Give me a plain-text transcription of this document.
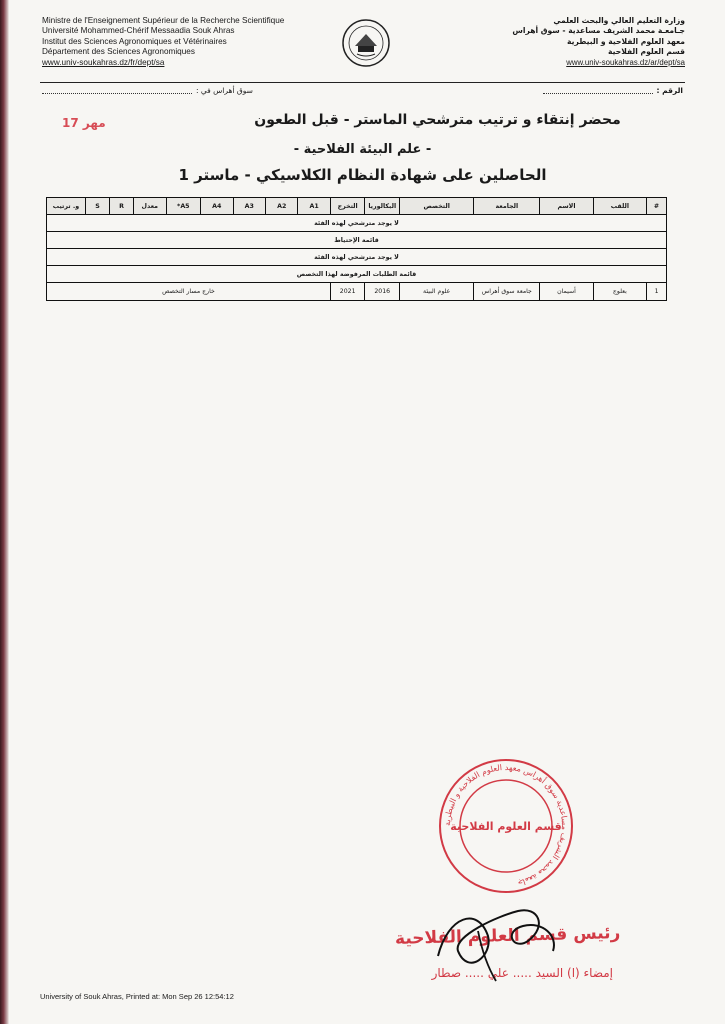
Ministre de l'Enseignement Supérieur de la Recherche Scientifique
Université Mohammed-Chérif Messaadia Souk Ahras
Institut des Sciences Agronomiques et Vétérinaires
Département des Sciences Agronomiques
www.univ-soukahras.dz/fr/dept/sa
وزارة التعليم العالي والبحث العلمي
جـامعـة محمد الشريف مساعدية - سوق أهراس
معهد العلوم الفلاحية و البيطرية
قسم العلوم الفلاحية
www.univ-soukahras.dz/ar/dept/sa
سوق أهراس في :	الرقم :
17 مهر	محضر إنتقاء و ترتيب مترشحي الماستر - قبل الطعون
- علم البيئة الفلاحية -
الحاصلين على شهادة النظام الكلاسيكي - ماستر 1
#	اللقب	الاسم	الجامعة	التخصص	البكالوريا	التخرج	A1	A2	A3	A4	A5*	معدل	R	S	و. ترتيب
لا يوجد مترشحي لهذه الفئة															
قائمة الإحتياط															
لا يوجد مترشحي لهذه الفئة															
قائمة الطلبات المرفوضة لهذا التخصص															
1	بعلوج	أسيمان	جامعة سوق أهراس	علوم البيئة	2016	2021	خارج مسار التخصص								
جامعة محمد الشريف مساعدية سوق أهراس معهد العلوم الفلاحية و البيطرية
قسم العلوم الفلاحية
رئيس قسم العلوم الفلاحية
إمضاء (ا) السيد ..... علي ..... صطار
University of Souk Ahras, Printed at: Mon Sep 26 12:54:12
